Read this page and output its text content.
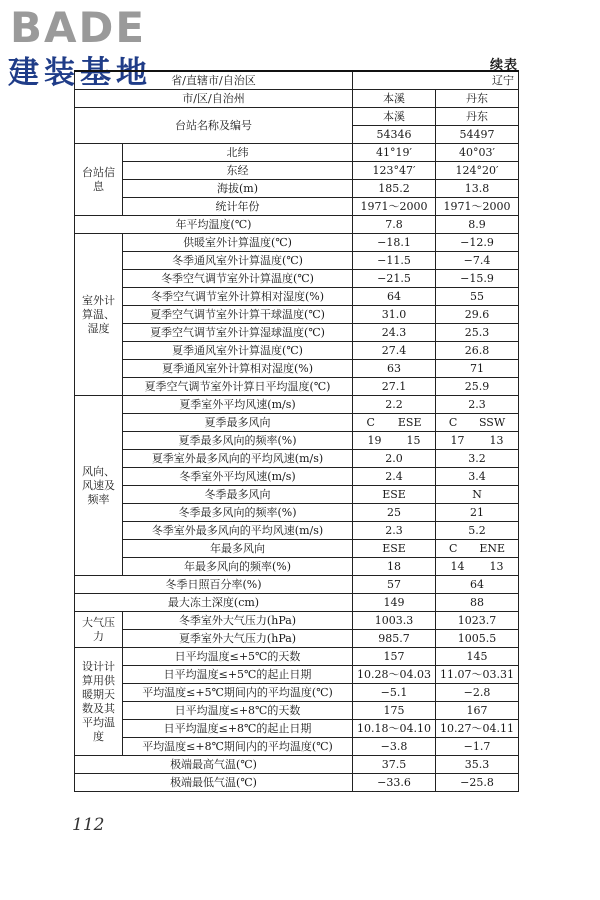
BADE
建装基地	续表
省/直辖市/自治区		辽宁	
市/区/自治州		本溪	丹东
台站名称及编号		本溪	丹东
		54346	54497
台站信息	北纬	41°19′	40°03′
	东经	123°47′	124°20′
	海拔(m)	185.2	13.8
	统计年份	1971～2000	1971～2000
年平均温度(℃)		7.8	8.9
室外计算温、湿度	供暖室外计算温度(℃)	−18.1	−12.9
	冬季通风室外计算温度(℃)	−11.5	−7.4
	冬季空气调节室外计算温度(℃)	−21.5	−15.9
	冬季空气调节室外计算相对湿度(%)	64	55
	夏季空气调节室外计算干球温度(℃)	31.0	29.6
	夏季空气调节室外计算湿球温度(℃)	24.3	25.3
	夏季通风室外计算温度(℃)	27.4	26.8
	夏季通风室外计算相对湿度(%)	63	71
	夏季空气调节室外计算日平均温度(℃)	27.1	25.9
风向、风速及频率	夏季室外平均风速(m/s)	2.2	2.3
	夏季最多风向	C ESE	C SSW

	夏季最多风向的频率(%)	19 15	17 13

	夏季室外最多风向的平均风速(m/s)	2.0	3.2
	冬季室外平均风速(m/s)	2.4	3.4
	冬季最多风向	ESE	N
	冬季最多风向的频率(%)	25	21
	冬季室外最多风向的平均风速(m/s)	2.3	5.2
	年最多风向	ESE	C ENE

	年最多风向的频率(%)	18	14 13

冬季日照百分率(%)		57	64
最大冻土深度(cm)		149	88
大气压力	冬季室外大气压力(hPa)	1003.3	1023.7
	夏季室外大气压力(hPa)	985.7	1005.5
设计计算用供暖期天数及其平均温度	日平均温度≤+5℃的天数	157	145
	日平均温度≤+5℃的起止日期	10.28～04.03	11.07～03.31
	平均温度≤+5℃期间内的平均温度(℃)	−5.1	−2.8
	日平均温度≤+8℃的天数	175	167
	日平均温度≤+8℃的起止日期	10.18～04.10	10.27～04.11
	平均温度≤+8℃期间内的平均温度(℃)	−3.8	−1.7
极端最高气温(℃)		37.5	35.3
极端最低气温(℃)		−33.6	−25.8
112
